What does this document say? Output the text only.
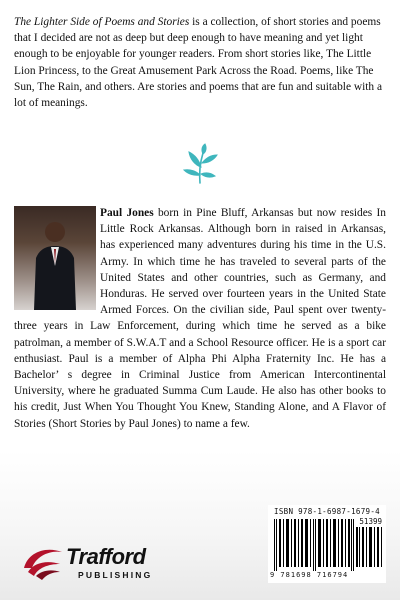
The Lighter Side of Poems and Stories is a collection, of short stories and poems that I decided are not as deep but deep enough to have meaning and yet light enough to be enjoyable for younger readers. From short stories like, The Little Lion Princess, to the Great Amusement Park Across the Road. Poems, like The Sun, The Rain, and others. Are stories and poems that are fun and suitable with a lot of meanings.

Paul Jones born in Pine Bluff, Arkansas but now resides In Little Rock Arkansas. Although born in raised in Arkansas, has experienced many adventures during his time in the U.S. Army. In which time he has traveled to several parts of the United States and other countries, such as Germany, and Honduras. He served over fourteen years in the United State Armed Forces. On the civilian side, Paul spent over twenty-three years in Law Enforcement, during which time he served as a bike patrolman, a member of S.W.A.T and a School Resource officer. He is a sport car enthusiast. Paul is a member of Alpha Phi Alpha Fraternity Inc. He has a Bachelor’ s degree in Criminal Justice from American Intercontinental University, where he graduated Summa Cum Laude. He also has other books to his credit, Just When You Thought You Knew, Standing Alone, and A Flavor of Stories (Short Stories by Paul Jones) to name a few.

ISBN 978-1-6987-1679-4
51399
9 781698 716794
Trafford
PUBLISHING
